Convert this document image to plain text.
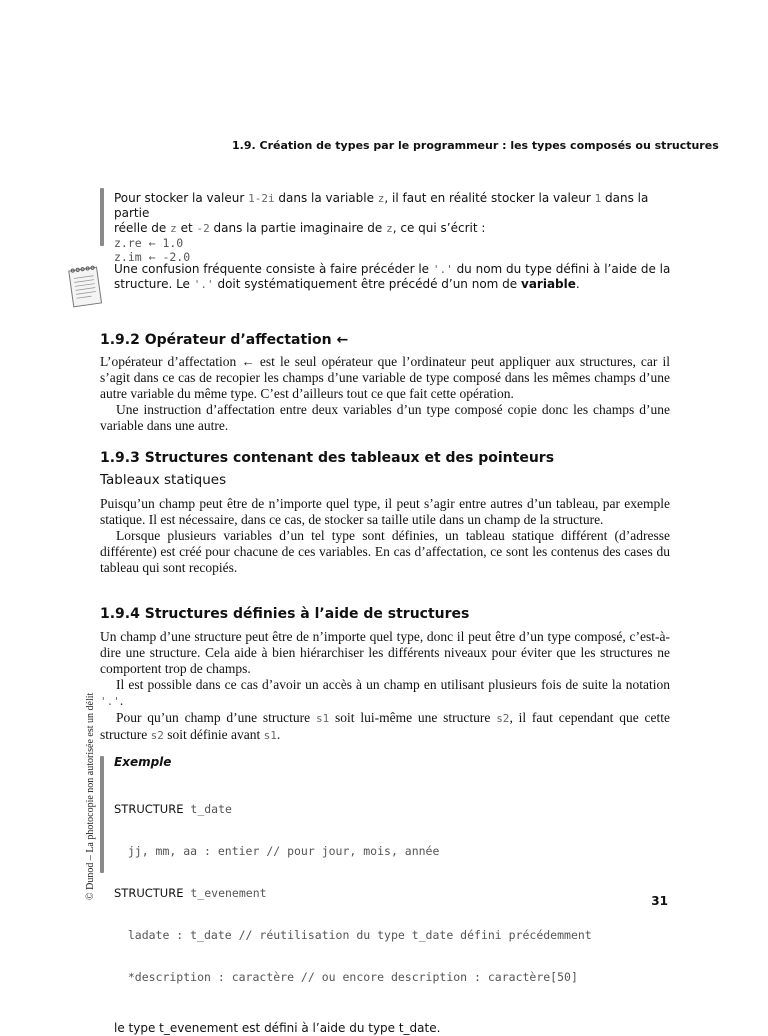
1.9. Création de types par le programmeur : les types composés ou structures
Pour stocker la valeur 1-2i dans la variable z, il faut en réalité stocker la valeur 1 dans la partie
réelle de z et -2 dans la partie imaginaire de z, ce qui s’écrit :
z.re ← 1.0
z.im ← -2.0
Une confusion fréquente consiste à faire précéder le '.' du nom du type défini à l’aide de la
structure. Le '.' doit systématiquement être précédé d’un nom de variable.
1.9.2 Opérateur d’affectation ←

L’opérateur d’affectation ← est le seul opérateur que l’ordinateur peut appliquer aux structures, car il s’agit dans ce cas de recopier les champs d’une variable de type composé dans les mêmes champs d’une autre variable du même type. C’est d’ailleurs tout ce que fait cette opération.

Une instruction d’affectation entre deux variables d’un type composé copie donc les champs d’une variable dans une autre.

1.9.3 Structures contenant des tableaux et des pointeurs
Tableaux statiques

Puisqu’un champ peut être de n’importe quel type, il peut s’agir entre autres d’un tableau, par exemple statique. Il est nécessaire, dans ce cas, de stocker sa taille utile dans un champ de la structure.

Lorsque plusieurs variables d’un tel type sont définies, un tableau statique différent (d’adresse différente) est créé pour chacune de ces variables. En cas d’affectation, ce sont les contenus des cases du tableau qui sont recopiés.

1.9.4 Structures définies à l’aide de structures

Un champ d’une structure peut être de n’importe quel type, donc il peut être d’un type composé, c’est-à-dire une structure. Cela aide à bien hiérarchiser les différents niveaux pour éviter que les structures ne comportent trop de champs.

Il est possible dans ce cas d’avoir un accès à un champ en utilisant plusieurs fois de suite la notation '.'.

Pour qu’un champ d’une structure s1 soit lui-même une structure s2, il faut cependant que cette structure s2 soit définie avant s1.

Exemple

STRUCTURE t_date

jj, mm, aa : entier // pour jour, mois, année

STRUCTURE t_evenement

ladate : t_date // réutilisation du type t_date défini précédemment

*description : caractère // ou encore description : caractère[50]

le type t_evenement est défini à l’aide du type t_date.
© Dunod – La photocopie non autorisée est un délit
31
